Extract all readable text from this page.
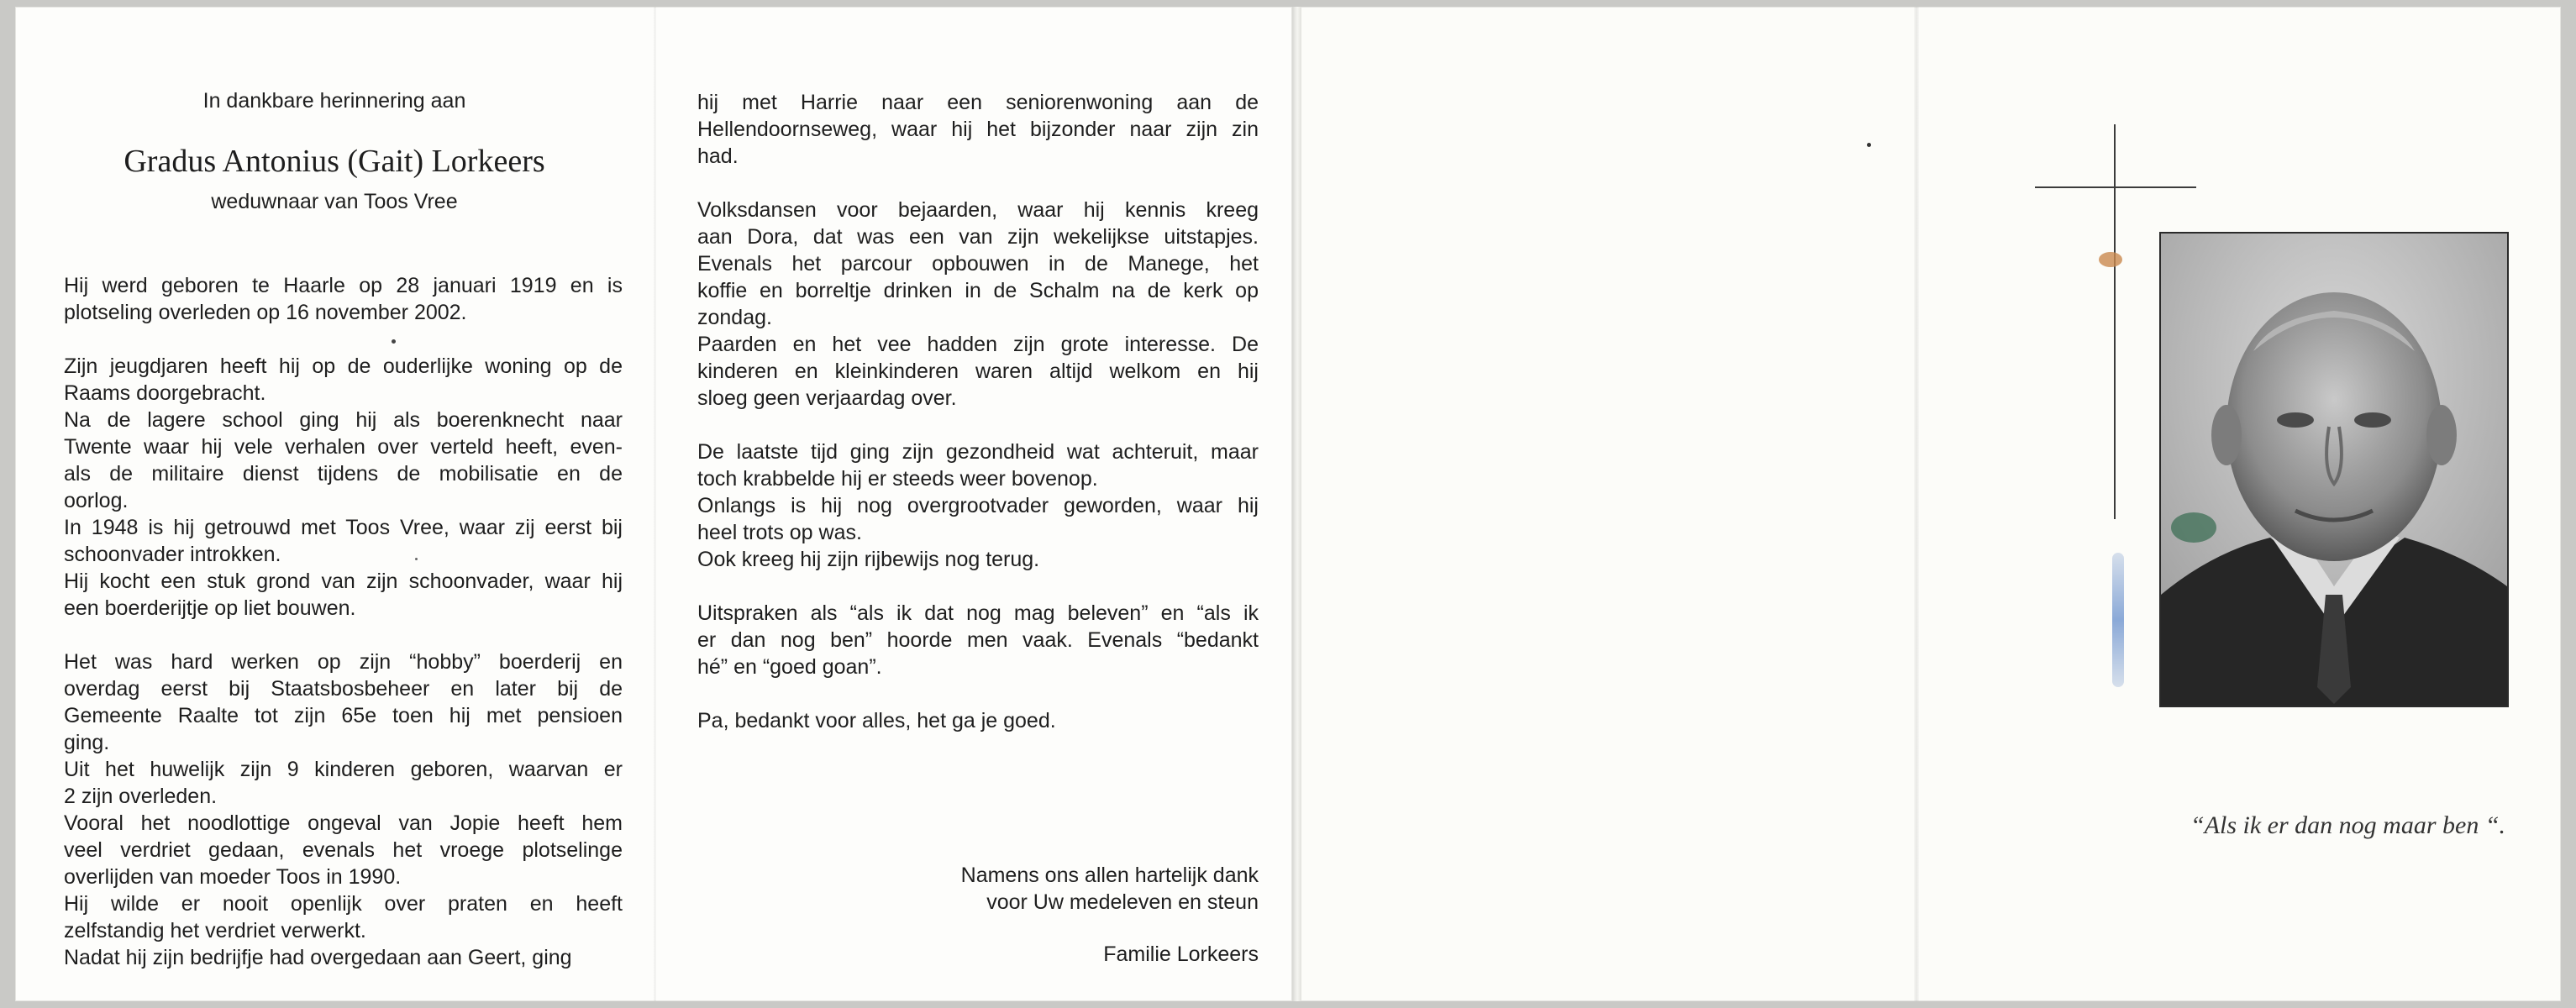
In dankbare herinnering aan
Gradus Antonius (Gait) Lorkeers
weduwnaar van Toos Vree

Hij werd geboren te Haarle op 28 januari 1919 en is

plotseling overleden op 16 november 2002.

Zijn jeugdjaren heeft hij op de ouderlijke woning op de

Raams doorgebracht.

Na de lagere school ging hij als boerenknecht naar

Twente waar hij vele verhalen over verteld heeft, even-

als de militaire dienst tijdens de mobilisatie en de

oorlog.

In 1948 is hij getrouwd met Toos Vree, waar zij eerst bij

schoonvader introkken.

Hij kocht een stuk grond van zijn schoonvader, waar hij

een boerderijtje op liet bouwen.

Het was hard werken op zijn “hobby” boerderij en

overdag eerst bij Staatsbosbeheer en later bij de

Gemeente Raalte tot zijn 65e toen hij met pensioen

ging.

Uit het huwelijk zijn 9 kinderen geboren, waarvan er

2 zijn overleden.

Vooral het noodlottige ongeval van Jopie heeft hem

veel verdriet gedaan, evenals het vroege plotselinge

overlijden van moeder Toos in 1990.

Hij wilde er nooit openlijk over praten en heeft

zelfstandig het verdriet verwerkt.

Nadat hij zijn bedrijfje had overgedaan aan Geert, ging

hij met Harrie naar een seniorenwoning aan de

Hellendoornseweg, waar hij het bijzonder naar zijn zin

had.

Volksdansen voor bejaarden, waar hij kennis kreeg

aan Dora, dat was een van zijn wekelijkse uitstapjes.

Evenals het parcour opbouwen in de Manege, het

koffie en borreltje drinken in de Schalm na de kerk op

zondag.

Paarden en het vee hadden zijn grote interesse. De

kinderen en kleinkinderen waren altijd welkom en hij

sloeg geen verjaardag over.

De laatste tijd ging zijn gezondheid wat achteruit, maar

toch krabbelde hij er steeds weer bovenop.

Onlangs is hij nog overgrootvader geworden, waar hij

heel trots op was.

Ook kreeg hij zijn rijbewijs nog terug.

Uitspraken als “als ik dat nog mag beleven” en “als ik

er dan nog ben” hoorde men vaak. Evenals “bedankt

hé” en “goed goan”.

Pa, bedankt voor alles, het ga je goed.

Namens ons allen hartelijk dank
voor Uw medeleven en steun
Familie Lorkeers
“Als ik er dan nog maar ben “.
